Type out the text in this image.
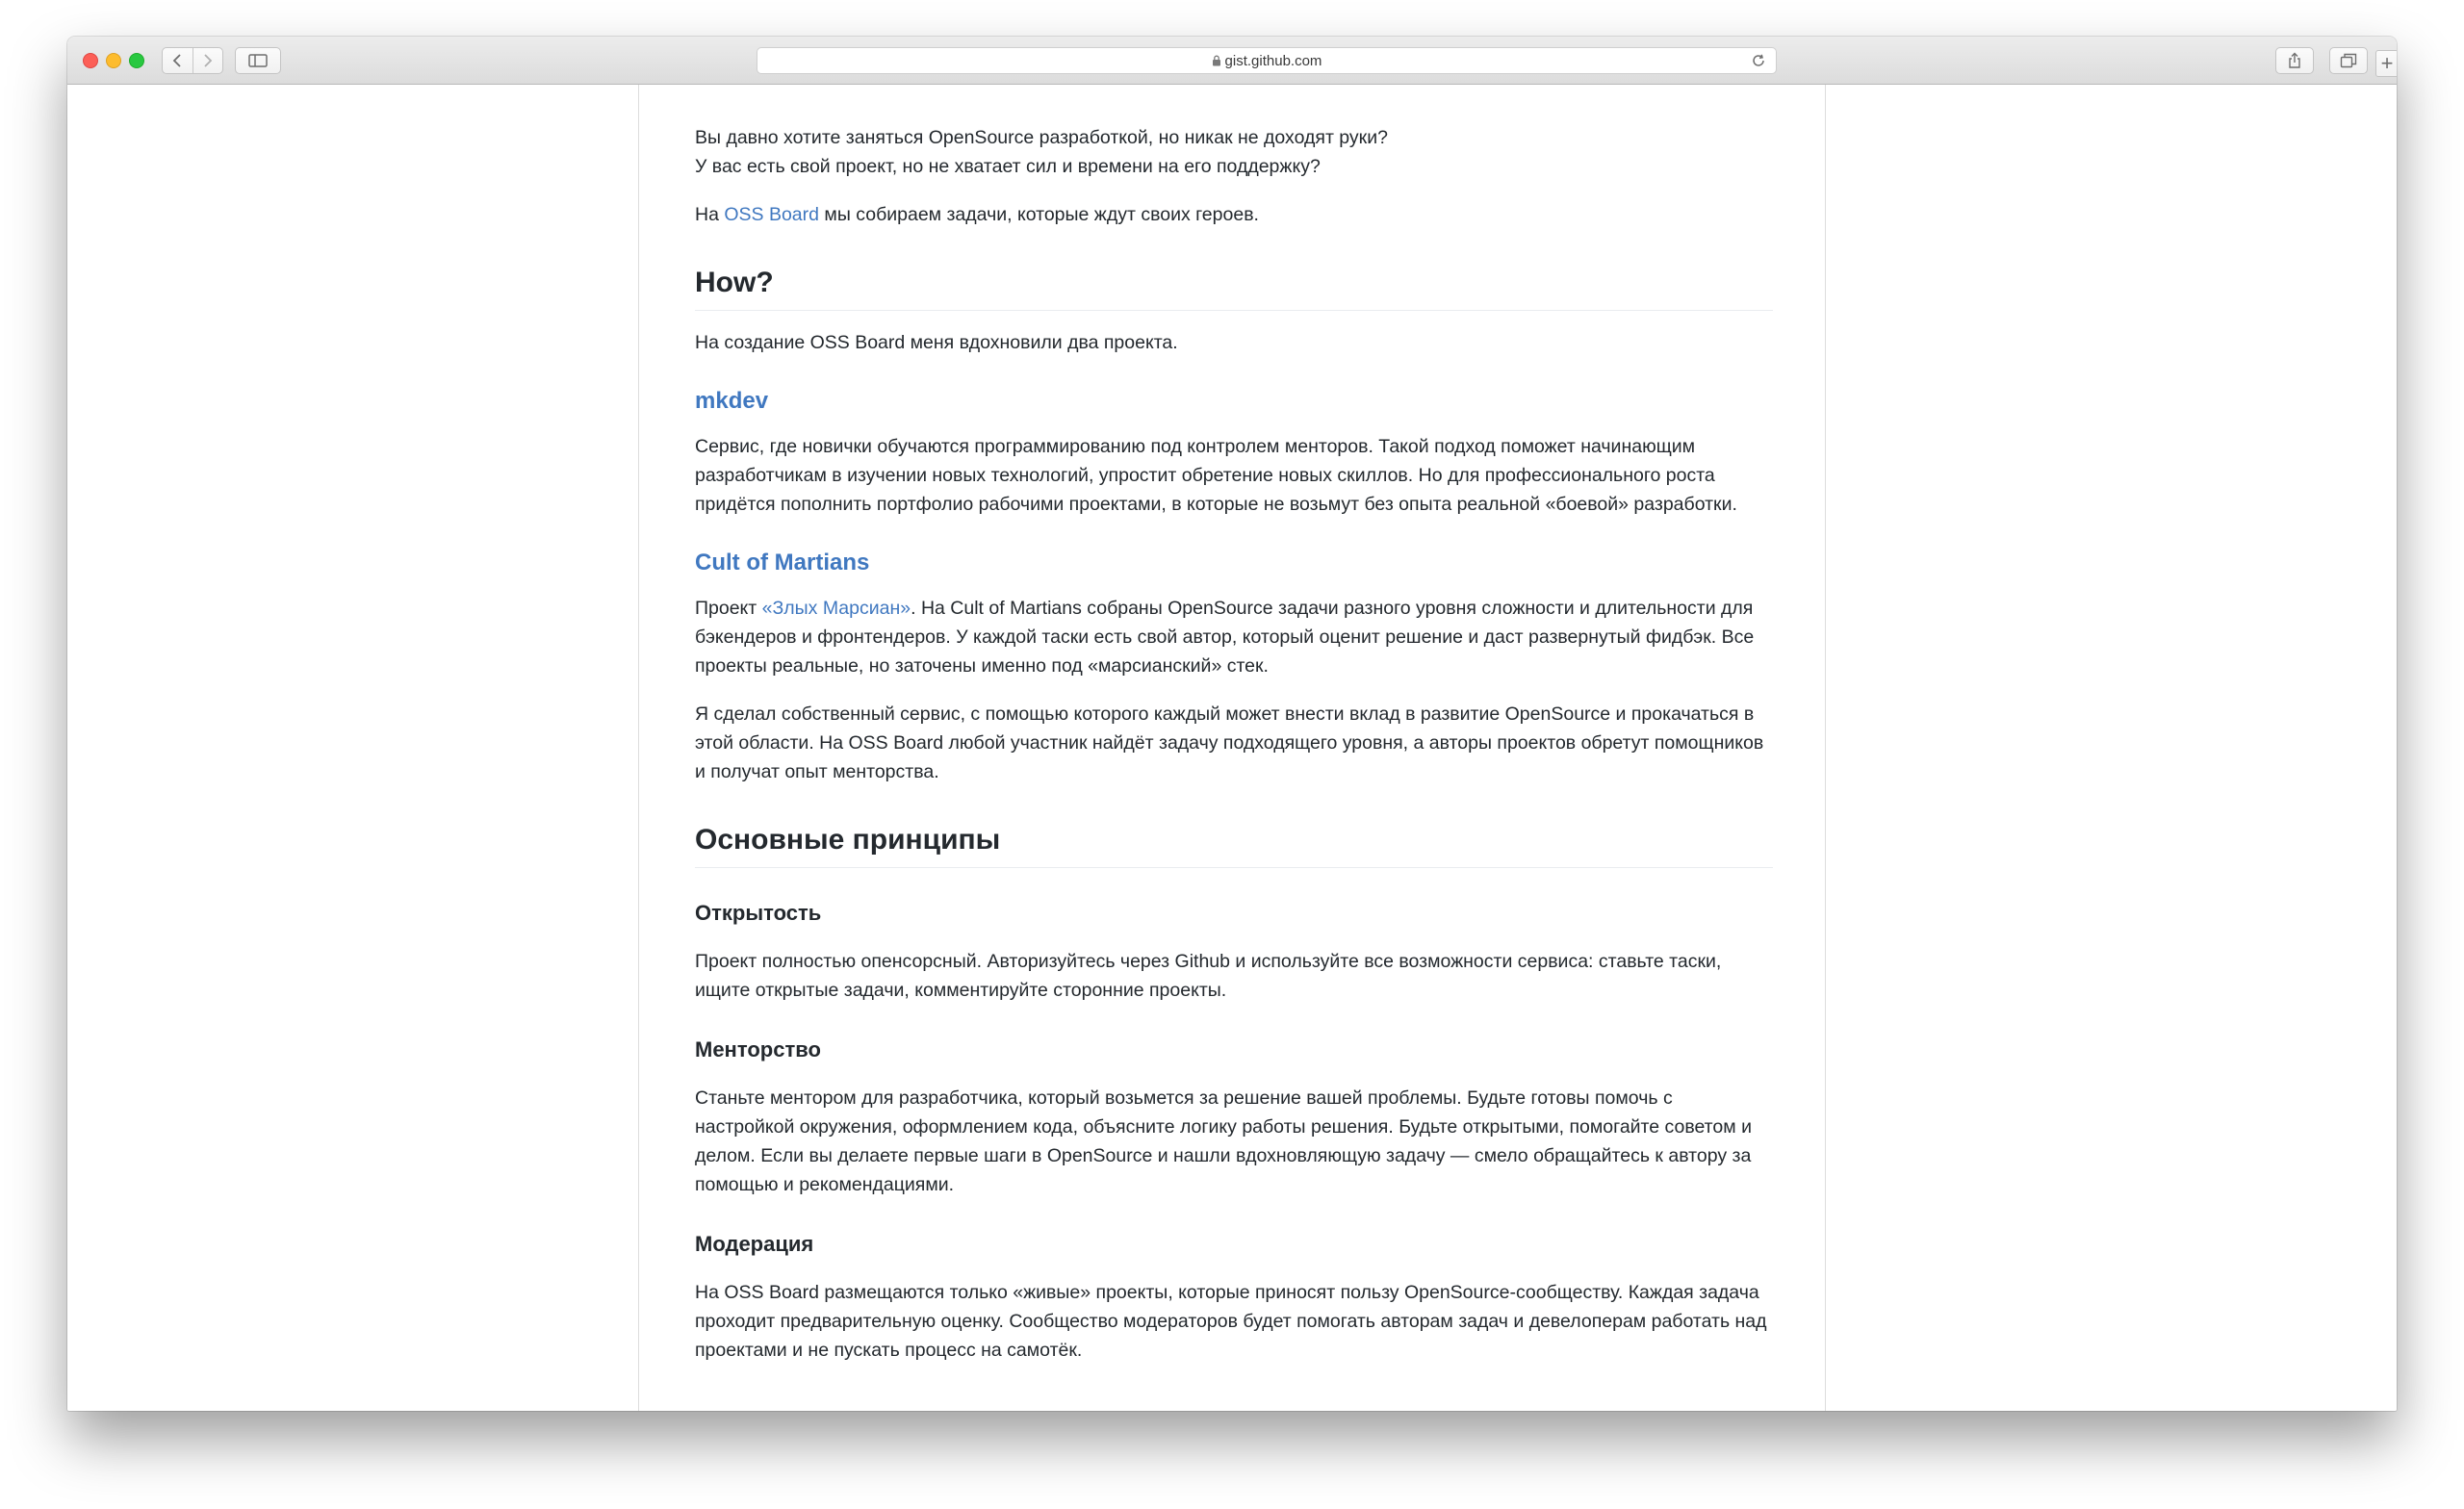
gist.github.com	+

Вы давно хотите заняться OpenSource разработкой, но никак не доходят руки?
У вас есть свой проект, но не хватает сил и времени на его поддержку?

На OSS Board мы собираем задачи, которые ждут своих героев.

How?

На создание OSS Board меня вдохновили два проекта.

mkdev

Сервис, где новички обучаются программированию под контролем менторов. Такой подход поможет начинающим разработчикам в изучении новых технологий, упростит обретение новых скиллов. Но для профессионального роста придётся пополнить портфолио рабочими проектами, в которые не возьмут без опыта реальной «боевой» разработки.

Cult of Martians

Проект «Злых Марсиан». На Cult of Martians собраны OpenSource задачи разного уровня сложности и длительности для бэкендеров и фронтендеров. У каждой таски есть свой автор, который оценит решение и даст развернутый фидбэк. Все проекты реальные, но заточены именно под «марсианский» стек.

Я сделал собственный сервис, с помощью которого каждый может внести вклад в развитие OpenSource и прокачаться в этой области. На OSS Board любой участник найдёт задачу подходящего уровня, а авторы проектов обретут помощников и получат опыт менторства.

Основные принципы
Открытость

Проект полностью опенсорсный. Авторизуйтесь через Github и используйте все возможности сервиса: ставьте таски, ищите открытые задачи, комментируйте сторонние проекты.

Менторство

Станьте ментором для разработчика, который возьмется за решение вашей проблемы. Будьте готовы помочь с настройкой окружения, оформлением кода, объясните логику работы решения. Будьте открытыми, помогайте советом и делом. Если вы делаете первые шаги в OpenSource и нашли вдохновляющую задачу — смело обращайтесь к автору за помощью и рекомендациями.

Модерация

На OSS Board размещаются только «живые» проекты, которые приносят пользу OpenSource-сообществу. Каждая задача проходит предварительную оценку. Сообщество модераторов будет помогать авторам задач и девелоперам работать над проектами и не пускать процесс на самотёк.
